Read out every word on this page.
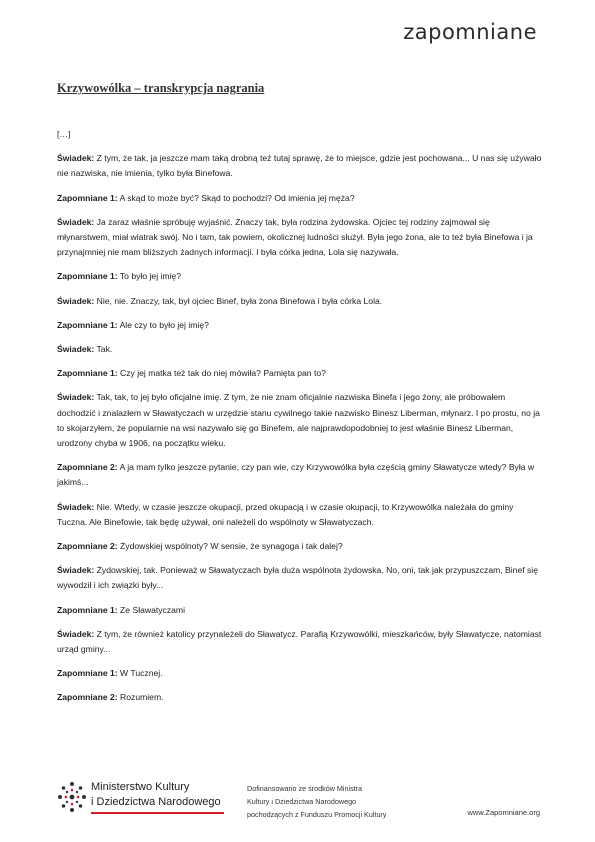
zapomniane
Krzywowólka – transkrypcja nagrania
[…]

Świadek: Z tym, że tak, ja jeszcze mam taką drobną też tutaj sprawę, że to miejsce, gdzie jest pochowana... U nas się używało nie nazwiska, nie imienia, tylko była Binefowa.

Zapomniane 1: A skąd to może być? Skąd to pochodzi? Od imienia jej męża?

Świadek: Ja zaraz właśnie spróbuję wyjaśnić. Znaczy tak, była rodzina żydowska. Ojciec tej rodziny zajmował się młynarstwem, miał wiatrak swój. No i tam, tak powiem, okolicznej ludności służył. Była jego żona, ale to też była Binefowa i ja przynajmniej nie mam bliższych żadnych informacji. I była córka jedna, Lola się nazywała.

Zapomniane 1: To było jej imię?

Świadek: Nie, nie. Znaczy, tak, był ojciec Binef, była żona Binefowa i była córka Lola.

Zapomniane 1: Ale czy to było jej imię?

Świadek: Tak.

Zapomniane 1: Czy jej matka też tak do niej mówiła? Pamięta pan to?

Świadek: Tak, tak, to jej było oficjalne imię. Z tym, że nie znam oficjalnie nazwiska Binefa i jego żony, ale próbowałem dochodzić i znalazłem w Sławatyczach w urzędzie stanu cywilnego takie nazwisko Binesz Liberman, młynarz. I po prostu, no ja to skojarzyłem, że popularnie na wsi nazywało się go Binefem, ale najprawdopodobniej to jest właśnie Binesz Liberman, urodzony chyba w 1906, na początku wieku.

Zapomniane 2: A ja mam tylko jeszcze pytanie, czy pan wie, czy Krzywowólka była częścią gminy Sławatycze wtedy? Była w jakimś...

Świadek: Nie. Wtedy, w czasie jeszcze okupacji, przed okupacją i w czasie okupacji, to Krzywowólka należała do gminy Tuczna. Ale Binefowie, tak będę używał, oni należeli do wspólnoty w Sławatyczach.

Zapomniane 2: Żydowskiej wspólnoty? W sensie, że synagoga i tak dalej?

Świadek: Żydowskiej, tak. Ponieważ w Sławatyczach była duża wspólnota żydowska. No, oni, tak jak przypuszczam, Binef się wywodził i ich związki były...

Zapomniane 1: Ze Sławatyczami

Świadek: Z tym, że również katolicy przynależeli do Sławatycz. Parafią Krzywowólki, mieszkańców, były Sławatycze, natomiast urząd gminy...

Zapomniane 1: W Tucznej.

Zapomniane 2: Rozumiem.

Ministerstwo Kultury
i Dziedzictwa Narodowego
Dofinansowano ze środków Ministra
Kultury i Dziedzictwa Narodowego
pochodzących z Funduszu Promocji Kultury	www.Zapomniane.org
